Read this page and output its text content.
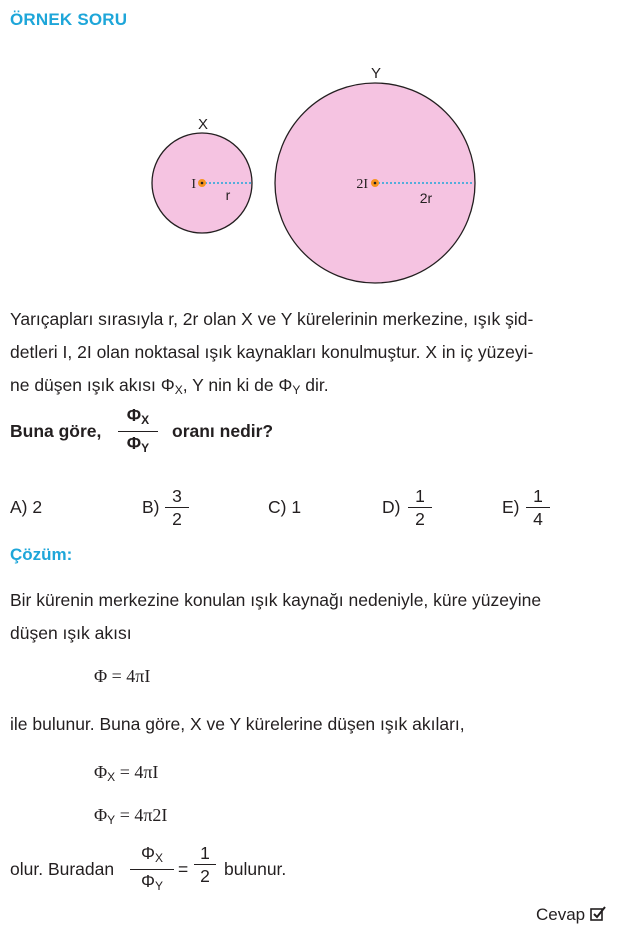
ÖRNEK SORU
X
I
r
Y
2I
2r
Yarıçapları sırasıyla r, 2r olan X ve Y kürelerinin merkezine, ışık şid-
detleri I, 2I olan noktasal ışık kaynakları konulmuştur. X in iç yüzeyi-
ne düşen ışık akısı $\Phi_X$, Y nin ki de $\Phi_Y$ dir.
Buna göre,
$\Phi_X$
$\Phi_Y$
oranı nedir?
A) 2	B)
3
2
C) 1	D)
1
2
E)
1
4
Çözüm:
Bir kürenin merkezine konulan ışık kaynağı nedeniyle, küre yüzeyine
düşen ışık akısı
Φ = 4πI
ile bulunur. Buna göre, X ve Y kürelerine düşen ışık akıları,
$\Phi_X = 4\pi I$
$\Phi_Y = 4\pi 2I$
olur. Buradan
$\Phi_X$
$\Phi_Y$
=
1
2 bulunur.
Cevap
